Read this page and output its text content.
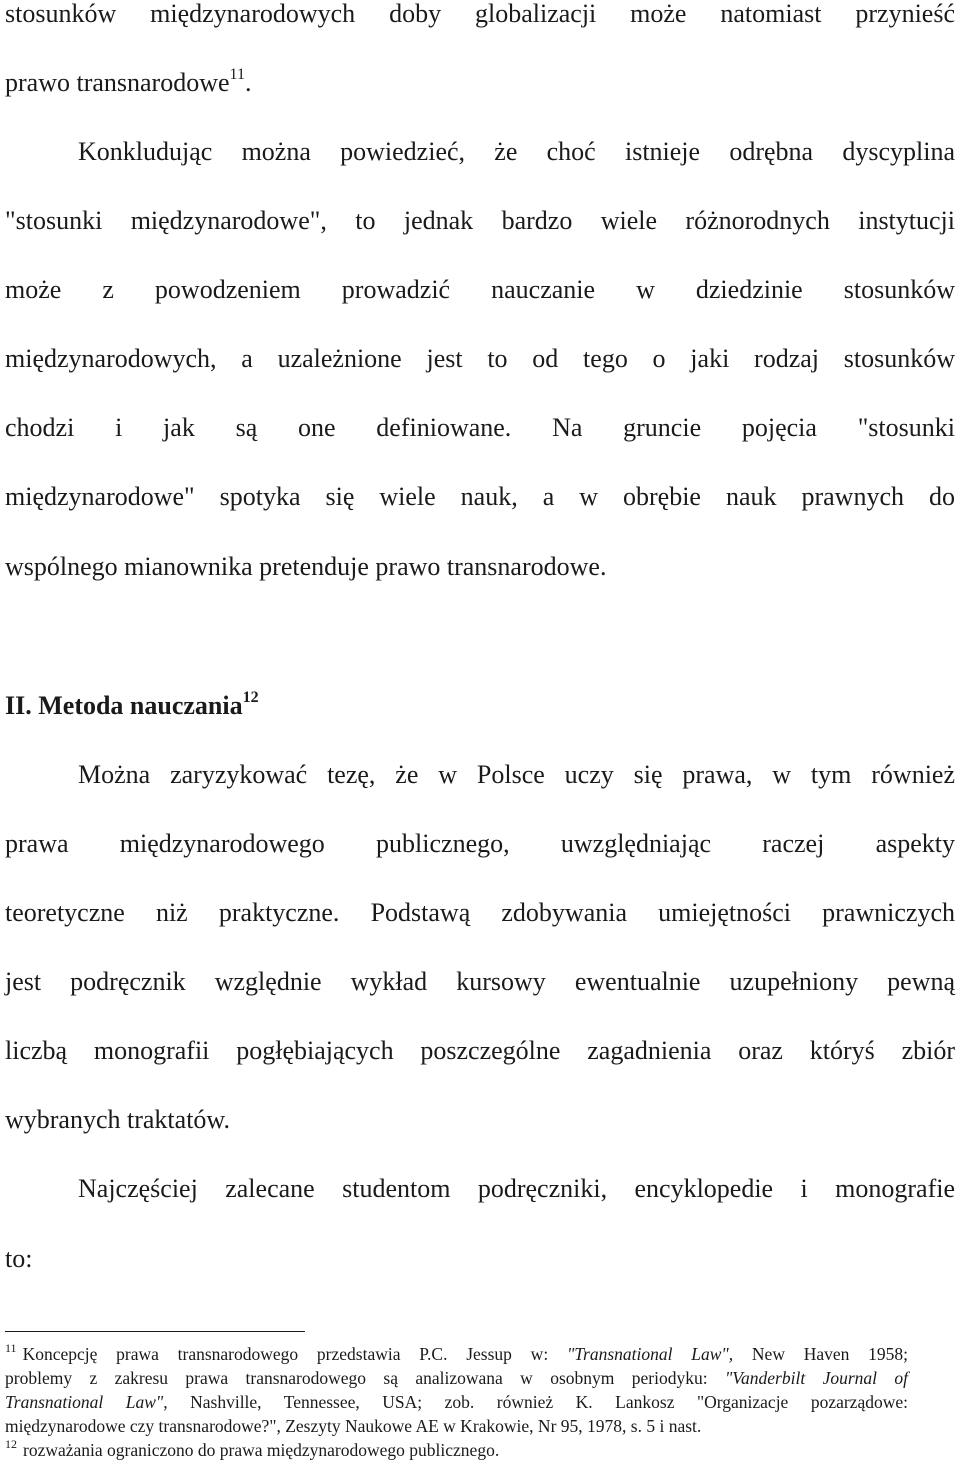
stosunków międzynarodowych doby globalizacji może natomiast przynieść
prawo transnarodowe$^{11}$.
Konkludując można powiedzieć, że choć istnieje odrębna dyscyplina
"stosunki międzynarodowe", to jednak bardzo wiele różnorodnych instytucji
może z powodzeniem prowadzić nauczanie w dziedzinie stosunków
międzynarodowych, a uzależnione jest to od tego o jaki rodzaj stosunków
chodzi i jak są one definiowane. Na gruncie pojęcia "stosunki
międzynarodowe" spotyka się wiele nauk, a w obrębie nauk prawnych do
wspólnego mianownika pretenduje prawo transnarodowe.
II. Metoda nauczania$^{12}$
Można zaryzykować tezę, że w Polsce uczy się prawa, w tym również
prawa międzynarodowego publicznego, uwzględniając raczej aspekty
teoretyczne niż praktyczne. Podstawą zdobywania umiejętności prawniczych
jest podręcznik względnie wykład kursowy ewentualnie uzupełniony pewną
liczbą monografii pogłębiających poszczególne zagadnienia oraz któryś zbiór
wybranych traktatów.
Najczęściej zalecane studentom podręczniki, encyklopedie i monografie
to:
$^{11}$ Koncepcję prawa transnarodowego przedstawia P.C. Jessup w: "Transnational Law", New Haven 1958;
problemy z zakresu prawa transnarodowego są analizowana w osobnym periodyku: "Vanderbilt Journal of
Transnational Law", Nashville, Tennessee, USA; zob. również K. Lankosz "Organizacje pozarządowe:
międzynarodowe czy transnarodowe?", Zeszyty Naukowe AE w Krakowie, Nr 95, 1978, s. 5 i nast.
$^{12}$ rozważania ograniczono do prawa międzynarodowego publicznego.
